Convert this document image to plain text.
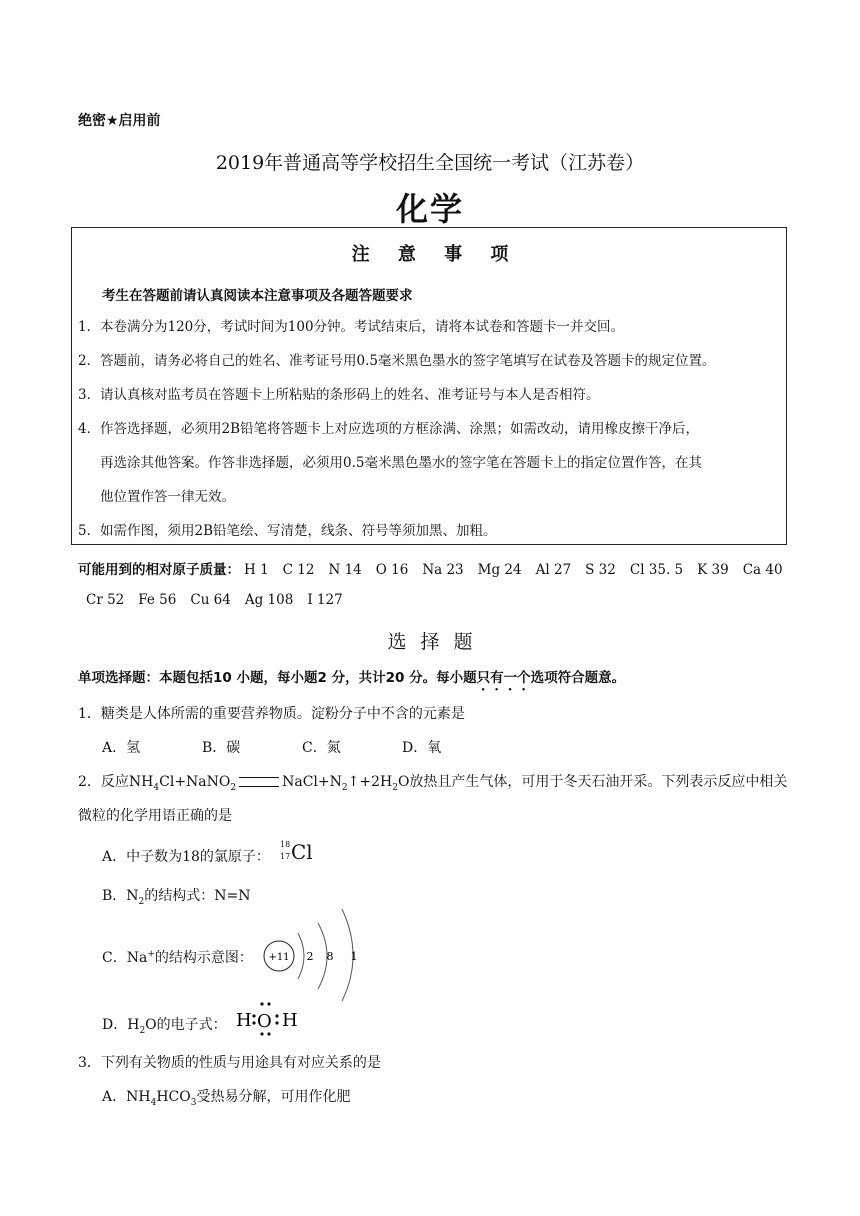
绝密★启用前
2019年普通高等学校招生全国统一考试（江苏卷）
化学
注 意 事 项
考生在答题前请认真阅读本注意事项及各题答题要求
1．本卷满分为120分，考试时间为100分钟。考试结束后，请将本试卷和答题卡一并交回。
2．答题前，请务必将自己的姓名、准考证号用0.5毫米黑色墨水的签字笔填写在试卷及答题卡的规定位置。
3．请认真核对监考员在答题卡上所粘贴的条形码上的姓名、准考证号与本人是否相符。
4．作答选择题，必须用2B铅笔将答题卡上对应选项的方框涂满、涂黑；如需改动，请用橡皮擦干净后，
再选涂其他答案。作答非选择题，必须用0.5毫米黑色墨水的签字笔在答题卡上的指定位置作答，在其
他位置作答一律无效。
5．如需作图，须用2B铅笔绘、写清楚，线条、符号等须加黑、加粗。
可能用到的相对原子质量： H 1 C 12 N 14 O 16 Na 23 Mg 24 Al 27 S 32 Cl 35. 5 K 39 Ca 40
Cr 52 Fe 56 Cu 64 Ag 108 I 127
选 择 题
单项选择题：本题包括10 小题，每小题2 分，共计20 分。每小题只有一个选项符合题意。
1．糖类是人体所需的重要营养物质。淀粉分子中不含的元素是
A．氢	B．碳	C．氮	D．氧
2．反应$NH_4Cl+NaNO_2$	$NaCl+N_2↑+2H_2O$放热且产生气体，可用于冬天石油开采。下列表示反应中相关
微粒的化学用语正确的是
A．中子数为18的氯原子：
18
17 Cl
B．$N_2$的结构式：N=N
C．Na+的结构示意图： +11 2 8 1
D．$H_2O$的电子式： H O H
3．下列有关物质的性质与用途具有对应关系的是
A．$NH_4HCO_3$受热易分解，可用作化肥
